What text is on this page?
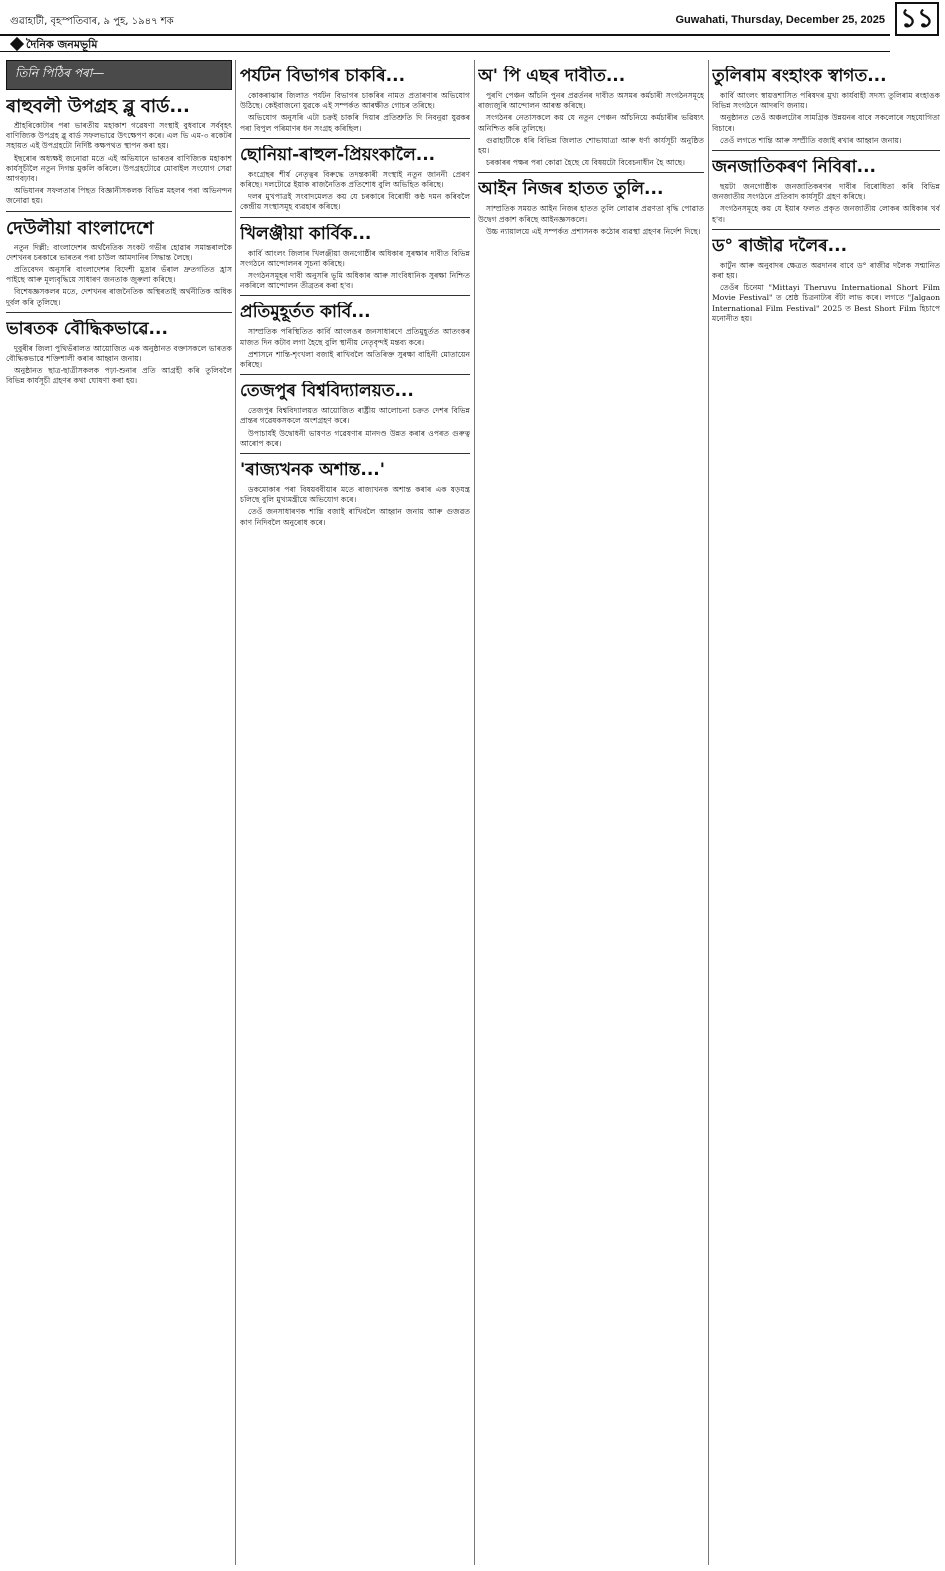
গুৱাহাটী, বৃহস্পতিবাৰ, ৯ পুহ, ১৯৪৭ শক	Guwahati, Thursday, December 25, 2025 ১১
দৈনিক জনমভূমি
তিনি পিঠিৰ পৰা—
ৰাহুবলী উপগ্ৰহ ব্লু বাৰ্ড...

শ্ৰীহৰিকোটাৰ পৰা ভাৰতীয় মহাকাশ গৱেষণা সংস্থাই বুধবাৰে সৰ্ববৃহৎ বাণিজ্যিক উপগ্ৰহ ব্লু বাৰ্ড সফলভাৱে উৎক্ষেপণ কৰে। এল ভি এম-৩ ৰকেটৰ সহায়ত এই উপগ্ৰহটো নিৰ্দিষ্ট কক্ষপথত স্থাপন কৰা হয়।

ইছৰোৰ অধ্যক্ষই জনোৱা মতে এই অভিযানে ভাৰতৰ বাণিজ্যিক মহাকাশ কাৰ্যসূচীলৈ নতুন দিগন্ত মুকলি কৰিলে। উপগ্ৰহটোৱে মোবাইল সংযোগ সেৱা আগবঢ়াব।

অভিযানৰ সফলতাৰ পিছত বিজ্ঞানীসকলক বিভিন্ন মহলৰ পৰা অভিনন্দন জনোৱা হয়।

দেউলীয়া বাংলাদেশে

নতুন দিল্লী: বাংলাদেশৰ অৰ্থনৈতিক সংকট গভীৰ হোৱাৰ সমান্তৰালকৈ দেশখনৰ চৰকাৰে ভাৰতৰ পৰা চাউল আমদানিৰ সিদ্ধান্ত লৈছে।

প্ৰতিবেদন অনুসৰি বাংলাদেশৰ বিদেশী মুদ্ৰাৰ ভঁৰাল দ্ৰুতগতিত হ্ৰাস পাইছে আৰু মূল্যবৃদ্ধিয়ে সাধাৰণ জনতাক জুৰুলা কৰিছে।

বিশেষজ্ঞসকলৰ মতে, দেশখনৰ ৰাজনৈতিক অস্থিৰতাই অৰ্থনীতিক অধিক দুৰ্বল কৰি তুলিছে।

ভাৰতক বৌদ্ধিকভাৱে...

দুবুৰীৰ জিলা পুথিভঁৰালত আয়োজিত এক অনুষ্ঠানত বক্তাসকলে ভাৰতক বৌদ্ধিকভাৱে শক্তিশালী কৰাৰ আহ্বান জনায়।

অনুষ্ঠানত ছাত্ৰ-ছাত্ৰীসকলক পঢ়া-শুনাৰ প্ৰতি আগ্ৰহী কৰি তুলিবলৈ বিভিন্ন কাৰ্যসূচী গ্ৰহণৰ কথা ঘোষণা কৰা হয়।

পৰ্যটন বিভাগৰ চাকৰি...

কোকৰাঝাৰ জিলাত পৰ্যটন বিভাগৰ চাকৰিৰ নামত প্ৰতাৰণাৰ অভিযোগ উঠিছে। কেইবাজনো যুৱকে এই সম্পৰ্কত আৰক্ষীত গোচৰ তৰিছে।

অভিযোগ অনুসৰি এটা চক্ৰই চাকৰি দিয়াৰ প্ৰতিশ্ৰুতি দি নিবনুৱা যুৱকৰ পৰা বিপুল পৰিমাণৰ ধন সংগ্ৰহ কৰিছিল।

ছোনিয়া-ৰাহুল-প্ৰিয়ংকালৈ...

কংগ্ৰেছৰ শীৰ্ষ নেতৃত্বৰ বিৰুদ্ধে তদন্তকাৰী সংস্থাই নতুন জাননী প্ৰেৰণ কৰিছে। দলটোৱে ইয়াক ৰাজনৈতিক প্ৰতিশোধ বুলি অভিহিত কৰিছে।

দলৰ মুখপাত্ৰই সংবাদমেলত কয় যে চৰকাৰে বিৰোধী কণ্ঠ দমন কৰিবলৈ কেন্দ্ৰীয় সংস্থাসমূহ ব্যৱহাৰ কৰিছে।

খিলঞ্জীয়া কাৰ্বিক...

কাৰ্বি আংলং জিলাৰ খিলঞ্জীয়া জনগোষ্ঠীৰ অধিকাৰ সুৰক্ষাৰ দাবীত বিভিন্ন সংগঠনে আন্দোলনৰ সূচনা কৰিছে।

সংগঠনসমূহৰ দাবী অনুসৰি ভূমি অধিকাৰ আৰু সাংবিধানিক সুৰক্ষা নিশ্চিত নকৰিলে আন্দোলন তীব্ৰতৰ কৰা হ'ব।

প্ৰতিমুহূৰ্তত কাৰ্বি...

সাম্প্ৰতিক পৰিস্থিতিত কাৰ্বি আংলঙৰ জনসাধাৰণে প্ৰতিমুহূৰ্তত আতংকৰ মাজত দিন কটাব লগা হৈছে বুলি স্থানীয় নেতৃবৃন্দই মন্তব্য কৰে।

প্ৰশাসনে শান্তি-শৃংখলা বজাই ৰাখিবলৈ অতিৰিক্ত সুৰক্ষা বাহিনী মোতায়েন কৰিছে।

তেজপুৰ বিশ্ববিদ্যালয়ত...

তেজপুৰ বিশ্ববিদ্যালয়ত আয়োজিত ৰাষ্ট্ৰীয় আলোচনা চক্ৰত দেশৰ বিভিন্ন প্ৰান্তৰ গৱেষকসকলে অংশগ্ৰহণ কৰে।

উপাচাৰ্যই উদ্বোধনী ভাষণত গৱেষণাৰ মানদণ্ড উন্নত কৰাৰ ওপৰত গুৰুত্ব আৰোপ কৰে।

'ৰাজ্যখনক অশান্ত...'

ডকমোকাৰ পৰা বিষয়ববীয়াৰ মতে ৰাজ্যখনক অশান্ত কৰাৰ এক ষড়যন্ত্ৰ চলিছে বুলি মুখ্যমন্ত্ৰীয়ে অভিযোগ কৰে।

তেওঁ জনসাধাৰণক শান্তি বজাই ৰাখিবলৈ আহ্বান জনায় আৰু গুজৱত কাণ নিদিবলৈ অনুৰোধ কৰে।

অ' পি এছৰ দাবীত...

পুৰণি পেঞ্চন আঁচনি পুনৰ প্ৰৱৰ্তনৰ দাবীত অসমৰ কৰ্মচাৰী সংগঠনসমূহে ৰাজ্যজুৰি আন্দোলন আৰম্ভ কৰিছে।

সংগঠনৰ নেতাসকলে কয় যে নতুন পেঞ্চন আঁচনিয়ে কৰ্মচাৰীৰ ভৱিষ্যৎ অনিশ্চিত কৰি তুলিছে।

গুৱাহাটীকে ধৰি বিভিন্ন জিলাত শোভাযাত্ৰা আৰু ধৰ্ণা কাৰ্যসূচী অনুষ্ঠিত হয়।

চৰকাৰৰ পক্ষৰ পৰা কোৱা হৈছে যে বিষয়টো বিবেচনাধীন হৈ আছে।

আইন নিজৰ হাতত তুলি...

সাম্প্ৰতিক সময়ত আইন নিজৰ হাতত তুলি লোৱাৰ প্ৰৱণতা বৃদ্ধি পোৱাত উদ্বেগ প্ৰকাশ কৰিছে আইনজ্ঞসকলে।

উচ্চ ন্যায়ালয়ে এই সম্পৰ্কত প্ৰশাসনক কঠোৰ ব্যৱস্থা গ্ৰহণৰ নিৰ্দেশ দিছে।

তুলিৰাম ৰংহাংক স্বাগত...

কাৰ্বি আংলং স্বায়ত্তশাসিত পৰিষদৰ মুখ্য কাৰ্যবাহী সদস্য তুলিৰাম ৰংহাঙক বিভিন্ন সংগঠনে আদৰণি জনায়।

অনুষ্ঠানত তেওঁ অঞ্চলটোৰ সামগ্ৰিক উন্নয়নৰ বাবে সকলোৰে সহযোগিতা বিচাৰে।

তেওঁ লগতে শান্তি আৰু সম্প্ৰীতি বজাই ৰখাৰ আহ্বান জনায়।

জনজাতিকৰণ নিবিৰা...

ছয়টা জনগোষ্ঠীক জনজাতিকৰণৰ দাবীৰ বিৰোধিতা কৰি বিভিন্ন জনজাতীয় সংগঠনে প্ৰতিবাদ কাৰ্যসূচী গ্ৰহণ কৰিছে।

সংগঠনসমূহে কয় যে ইয়াৰ ফলত প্ৰকৃত জনজাতীয় লোকৰ অধিকাৰ খৰ্ব হ'ব।

ড° ৰাজীৱ দলৈৰ...

কাৰ্টুন আৰু অনুবাদৰ ক্ষেত্ৰত অৱদানৰ বাবে ড° ৰাজীৱ দলৈক সন্মানিত কৰা হয়।

তেওঁৰ চিনেমা "Mittayi Theruvu International Short Film Movie Festival" ত শ্ৰেষ্ঠ চিত্ৰনাট্যৰ বঁটা লাভ কৰে। লগতে "Jalgaon International Film Festival" 2025 ত Best Short Film হিচাপে মনোনীত হয়।
